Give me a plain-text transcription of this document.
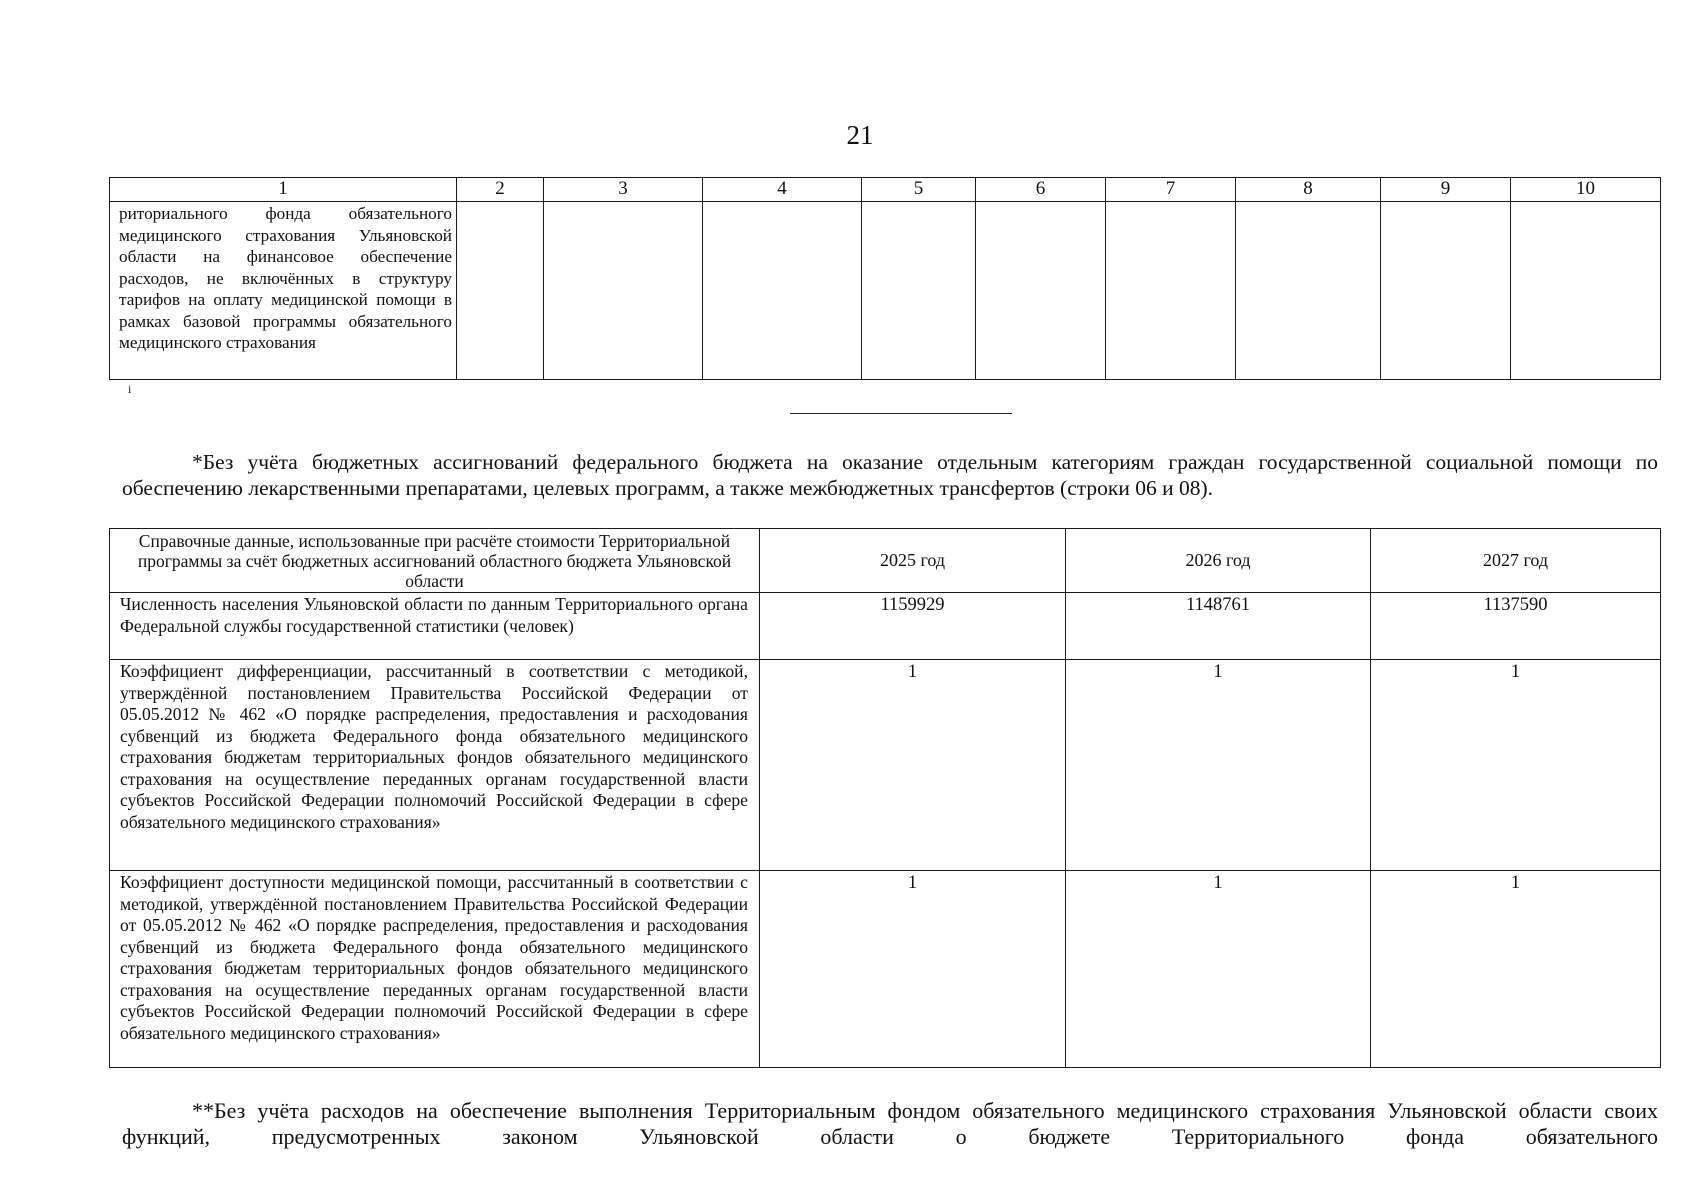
21
1	2	3	4	5	6	7	8	9	10
риториального фонда обязательного медицинского страхования Ульяновской области на финансовое обеспечение расходов, не включённых в структуру тарифов на оплату медицинской помощи в рамках базовой программы обязательного медицинского страхования									
i
*Без учёта бюджетных ассигнований федерального бюджета на оказание отдельным категориям граждан государственной социальной помощи по обеспечению лекарственными препаратами, целевых программ, а также межбюджетных трансфертов (строки 06 и 08).
Справочные данные, использованные при расчёте стоимости Территориальной программы за счёт бюджетных ассигнований областного бюджета Ульяновской области	2025 год	2026 год	2027 год
Численность населения Ульяновской области по данным Территориального органа Федеральной службы государственной статистики (человек)	1159929	1148761	1137590
Коэффициент дифференциации, рассчитанный в соответствии с методикой, утверждённой постановлением Правительства Российской Федерации от 05.05.2012 № 462 «О порядке распределения, предоставления и расходования субвенций из бюджета Федерального фонда обязательного медицинского страхования бюджетам территориальных фондов обязательного медицинского страхования на осуществление переданных органам государственной власти субъектов Российской Федерации полномочий Российской Федерации в сфере обязательного медицинского страхования»	1	1	1
Коэффициент доступности медицинской помощи, рассчитанный в соответствии с методикой, утверждённой постановлением Правительства Российской Федерации от 05.05.2012 № 462 «О порядке распределения, предоставления и расходования субвенций из бюджета Федерального фонда обязательного медицинского страхования бюджетам территориальных фондов обязательного медицинского страхования на осуществление переданных органам государственной власти субъектов Российской Федерации полномочий Российской Федерации в сфере обязательного медицинского страхования»	1	1	1
**Без учёта расходов на обеспечение выполнения Территориальным фондом обязательного медицинского страхования Ульяновской области своих функций, предусмотренных законом Ульяновской области о бюджете Территориального фонда обязательного
